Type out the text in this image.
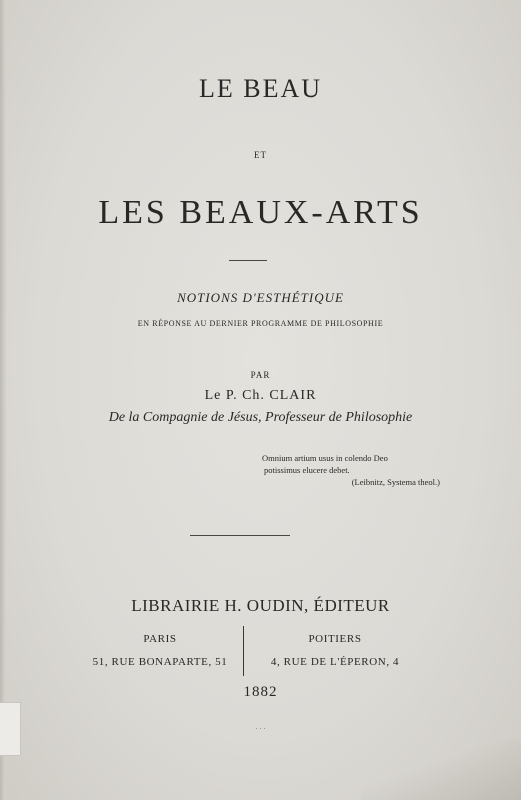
LE BEAU
ET
LES BEAUX-ARTS
NOTIONS D'ESTHÉTIQUE
EN RÉPONSE AU DERNIER PROGRAMME DE PHILOSOPHIE
PAR
Le P. Ch. CLAIR
De la Compagnie de Jésus, Professeur de Philosophie
Omnium artium usus in colendo Deo
potissimus elucere debet.
(Leibnitz, Systema theol.)
LIBRAIRIE H. OUDIN, ÉDITEUR
PARIS
51, RUE BONAPARTE, 51
POITIERS
4, RUE DE L'ÉPERON, 4
1882
. . .
